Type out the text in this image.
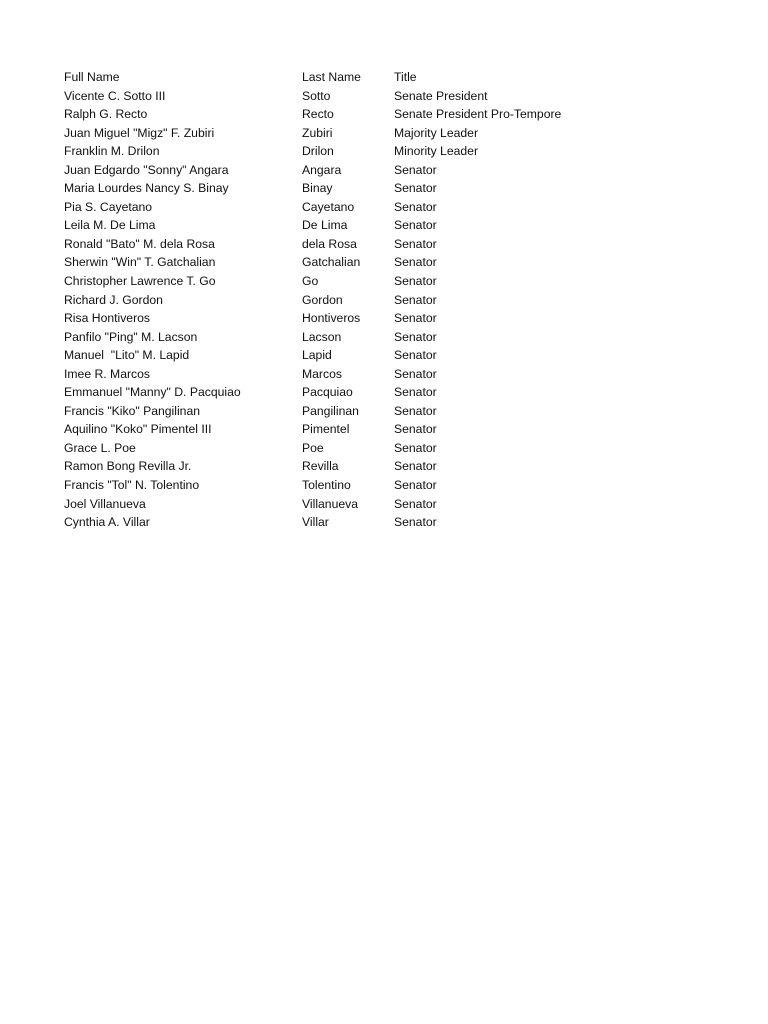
Full Name	Last Name	Title
Vicente C. Sotto III	Sotto	Senate President
Ralph G. Recto	Recto	Senate President Pro-Tempore
Juan Miguel "Migz" F. Zubiri	Zubiri	Majority Leader
Franklin M. Drilon	Drilon	Minority Leader
Juan Edgardo "Sonny" Angara	Angara	Senator
Maria Lourdes Nancy S. Binay	Binay	Senator
Pia S. Cayetano	Cayetano	Senator
Leila M. De Lima	De Lima	Senator
Ronald "Bato" M. dela Rosa	dela Rosa	Senator
Sherwin "Win" T. Gatchalian	Gatchalian	Senator
Christopher Lawrence T. Go	Go	Senator
Richard J. Gordon	Gordon	Senator
Risa Hontiveros	Hontiveros	Senator
Panfilo "Ping" M. Lacson	Lacson	Senator
Manuel  "Lito" M. Lapid	Lapid	Senator
Imee R. Marcos	Marcos	Senator
Emmanuel "Manny" D. Pacquiao	Pacquiao	Senator
Francis "Kiko" Pangilinan	Pangilinan	Senator
Aquilino "Koko" Pimentel III	Pimentel	Senator
Grace L. Poe	Poe	Senator
Ramon Bong Revilla Jr.	Revilla	Senator
Francis "Tol" N. Tolentino	Tolentino	Senator
Joel Villanueva	Villanueva	Senator
Cynthia A. Villar	Villar	Senator
